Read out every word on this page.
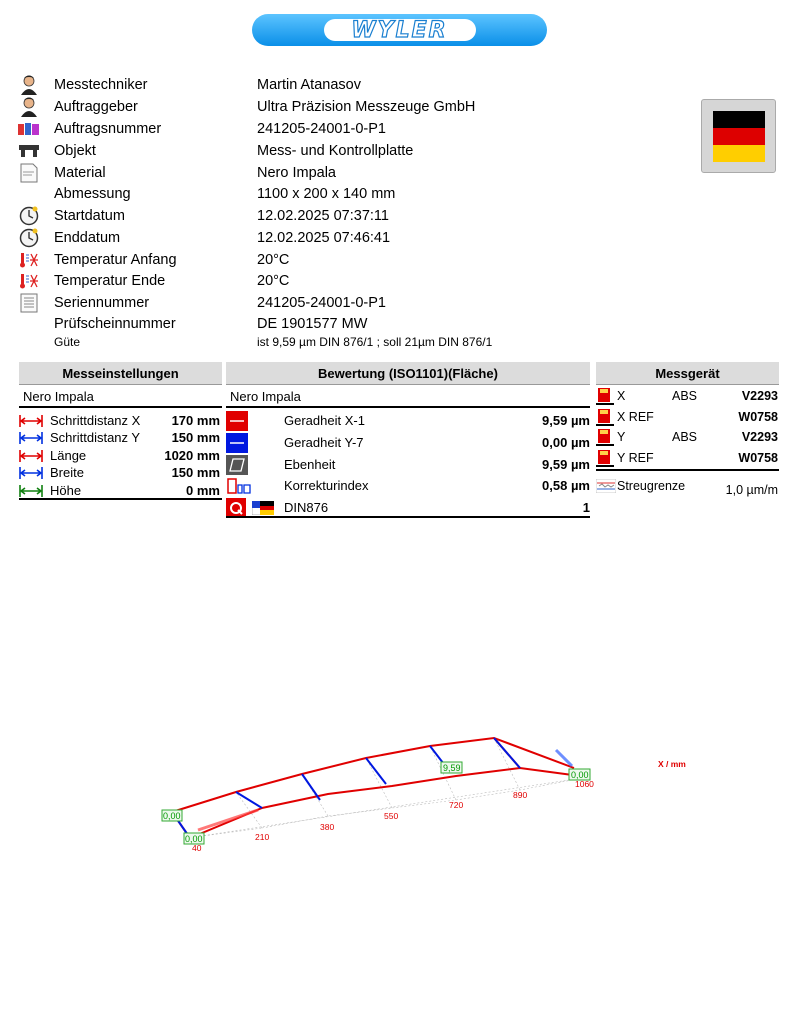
WYLER
Messtechniker	Martin Atanasov
Auftraggeber	Ultra Präzision Messzeuge GmbH
Auftragsnummer	241205-24001-0-P1
Objekt	Mess- und Kontrollplatte
Material	Nero Impala
Abmessung	1100 x 200 x 140 mm
Startdatum	12.02.2025 07:37:11
Enddatum	12.02.2025 07:46:41
Temperatur Anfang	20°C
Temperatur Ende	20°C
Seriennummer	241205-24001-0-P1
Prüfscheinnummer	DE 1901577 MW
Güte	ist 9,59 µm DIN 876/1 ; soll 21µm DIN 876/1
Messeinstellungen	Bewertung (ISO1101)(Fläche)	Messgerät
Nero Impala	Nero Impala
Schrittdistanz X	170 mm
Schrittdistanz Y	150 mm
Länge	1020 mm
Breite	150 mm
Höhe	0 mm
Geradheit X-1	9,59 µm
Geradheit Y-7	0,00 µm
Ebenheit	9,59 µm
Korrekturindex	0,58 µm
DIN876	1
X	ABS	V2293
X REF	W0758
Y	ABS	V2293
Y REF	W0758
Streugrenze	1,0 µm/m
0,00
0,00
9,59
0,00
40
210
380
550
720
890
1060
X / mm
